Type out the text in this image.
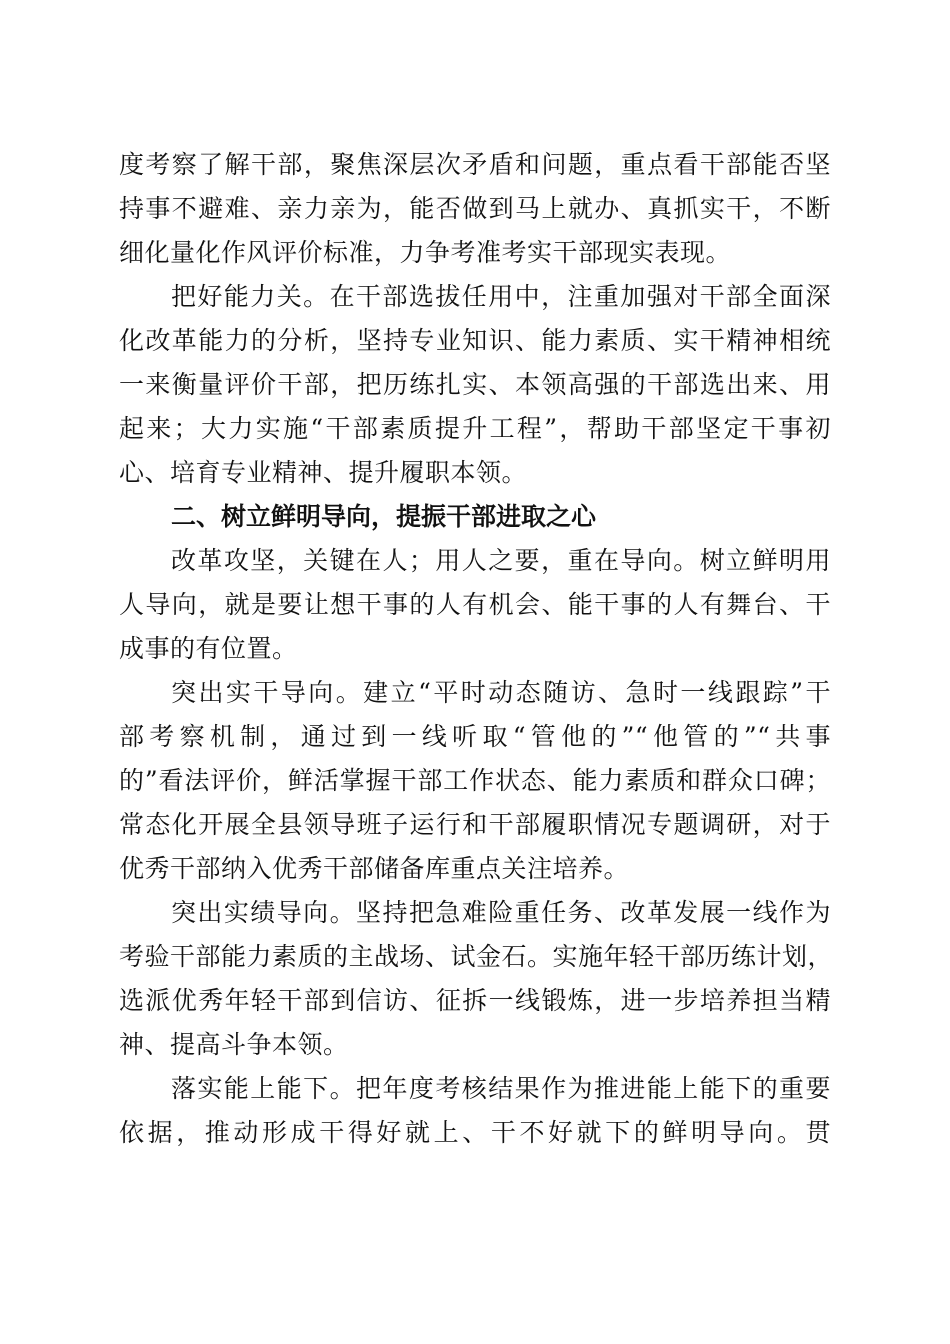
度考察了解干部，聚焦深层次矛盾和问题，重点看干部能否坚
持事不避难、亲力亲为，能否做到马上就办、真抓实干，不断
细化量化作风评价标准，力争考准考实干部现实表现。
把好能力关。在干部选拔任用中，注重加强对干部全面深
化改革能力的分析，坚持专业知识、能力素质、实干精神相统
一来衡量评价干部，把历练扎实、本领高强的干部选出来、用
起来；大力实施“干部素质提升工程”，帮助干部坚定干事初
心、培育专业精神、提升履职本领。
二、树立鲜明导向，提振干部进取之心
改革攻坚，关键在人；用人之要，重在导向。树立鲜明用
人导向，就是要让想干事的人有机会、能干事的人有舞台、干
成事的有位置。
突出实干导向。建立“平时动态随访、急时一线跟踪”干
部考察机制，通过到一线听取“管他的”“他管的”“共事
的”看法评价，鲜活掌握干部工作状态、能力素质和群众口碑；
常态化开展全县领导班子运行和干部履职情况专题调研，对于
优秀干部纳入优秀干部储备库重点关注培养。
突出实绩导向。坚持把急难险重任务、改革发展一线作为
考验干部能力素质的主战场、试金石。实施年轻干部历练计划，
选派优秀年轻干部到信访、征拆一线锻炼，进一步培养担当精
神、提高斗争本领。
落实能上能下。把年度考核结果作为推进能上能下的重要
依据，推动形成干得好就上、干不好就下的鲜明导向。贯
